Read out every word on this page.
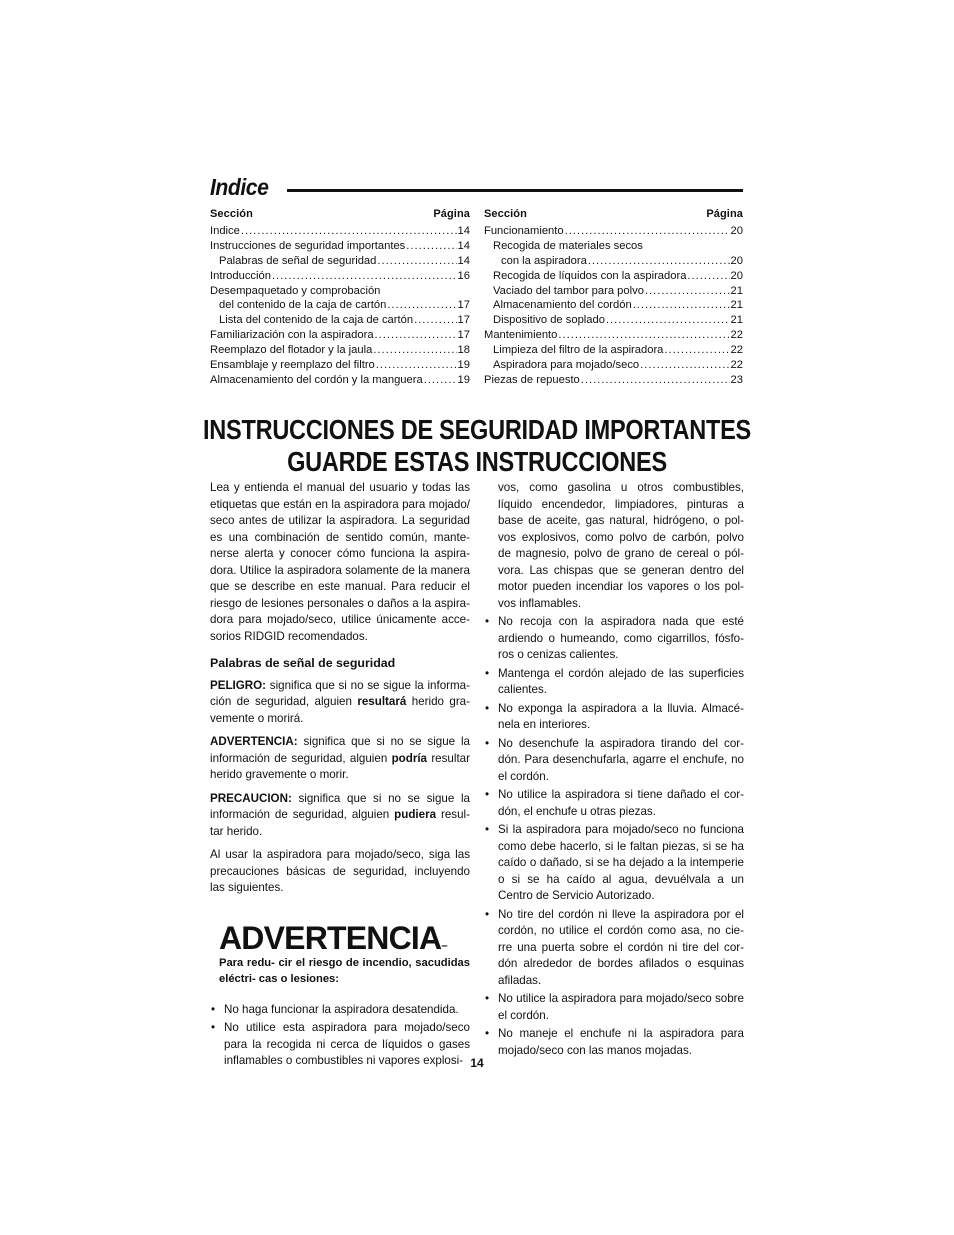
Indice
Sección	Página
Indice .....	14
Instrucciones de seguridad importantes .....	14
Palabras de señal de seguridad .....	14
Introducción .....	16
Desempaquetado y comprobación
del contenido de la caja de cartón .....	17
Lista del contenido de la caja de cartón .....	17
Familiarización con la aspiradora .....	17
Reemplazo del flotador y la jaula .....	18
Ensamblaje y reemplazo del filtro .....	19
Almacenamiento del cordón y la manguera .....	19
Sección	Página
Funcionamiento .....	20
Recogida de materiales secos
con la aspiradora .....	20
Recogida de líquidos con la aspiradora .....	20
Vaciado del tambor para polvo .....	21
Almacenamiento del cordón .....	21
Dispositivo de soplado .....	21
Mantenimiento .....	22
Limpieza del filtro de la aspiradora .....	22
Aspiradora para mojado/seco .....	22
Piezas de repuesto .....	23
INSTRUCCIONES DE SEGURIDAD IMPORTANTES
GUARDE ESTAS INSTRUCCIONES

Lea y entienda el manual del usuario y todas las etiquetas que están en la aspiradora para mojado/ seco antes de utilizar la aspiradora. La seguridad es una combinación de sentido común, mante- nerse alerta y conocer cómo funciona la aspira- dora. Utilice la aspiradora solamente de la manera que se describe en este manual. Para reducir el riesgo de lesiones personales o daños a la aspira- dora para mojado/seco, utilice únicamente acce- sorios RIDGID recomendados.

Palabras de señal de seguridad

PELIGRO: significa que si no se sigue la informa- ción de seguridad, alguien resultará herido gra- vemente o morirá.

ADVERTENCIA: significa que si no se sigue la información de seguridad, alguien podría resultar herido gravemente o morir.

PRECAUCION: significa que si no se sigue la información de seguridad, alguien pudiera resul- tar herido.

Al usar la aspiradora para mojado/seco, siga las precauciones básicas de seguridad, incluyendo las siguientes.

ADVERTENCIA– Para redu- cir el riesgo de incendio, sacudidas eléctri- cas o lesiones:
• No haga funcionar la aspiradora desatendida.
• No utilice esta aspiradora para mojado/seco para la recogida ni cerca de líquidos o gases inflamables o combustibles ni vapores explosi-

vos, como gasolina u otros combustibles, líquido encendedor, limpiadores, pinturas a base de aceite, gas natural, hidrógeno, o pol- vos explosivos, como polvo de carbón, polvo de magnesio, polvo de grano de cereal o pól- vora. Las chispas que se generan dentro del motor pueden incendiar los vapores o los pol- vos inflamables.

• No recoja con la aspiradora nada que esté ardiendo o humeando, como cigarrillos, fósfo- ros o cenizas calientes.
• Mantenga el cordón alejado de las superficies calientes.
• No exponga la aspiradora a la lluvia. Almacé- nela en interiores.
• No desenchufe la aspiradora tirando del cor- dón. Para desenchufarla, agarre el enchufe, no el cordón.
• No utilice la aspiradora si tiene dañado el cor- dón, el enchufe u otras piezas.
• Si la aspiradora para mojado/seco no funciona como debe hacerlo, si le faltan piezas, si se ha caído o dañado, si se ha dejado a la intemperie o si se ha caído al agua, devuélvala a un Centro de Servicio Autorizado.
• No tire del cordón ni lleve la aspiradora por el cordón, no utilice el cordón como asa, no cie- rre una puerta sobre el cordón ni tire del cor- dón alrededor de bordes afilados o esquinas afiladas.
• No utilice la aspiradora para mojado/seco sobre el cordón.
• No maneje el enchufe ni la aspiradora para mojado/seco con las manos mojadas.
14
